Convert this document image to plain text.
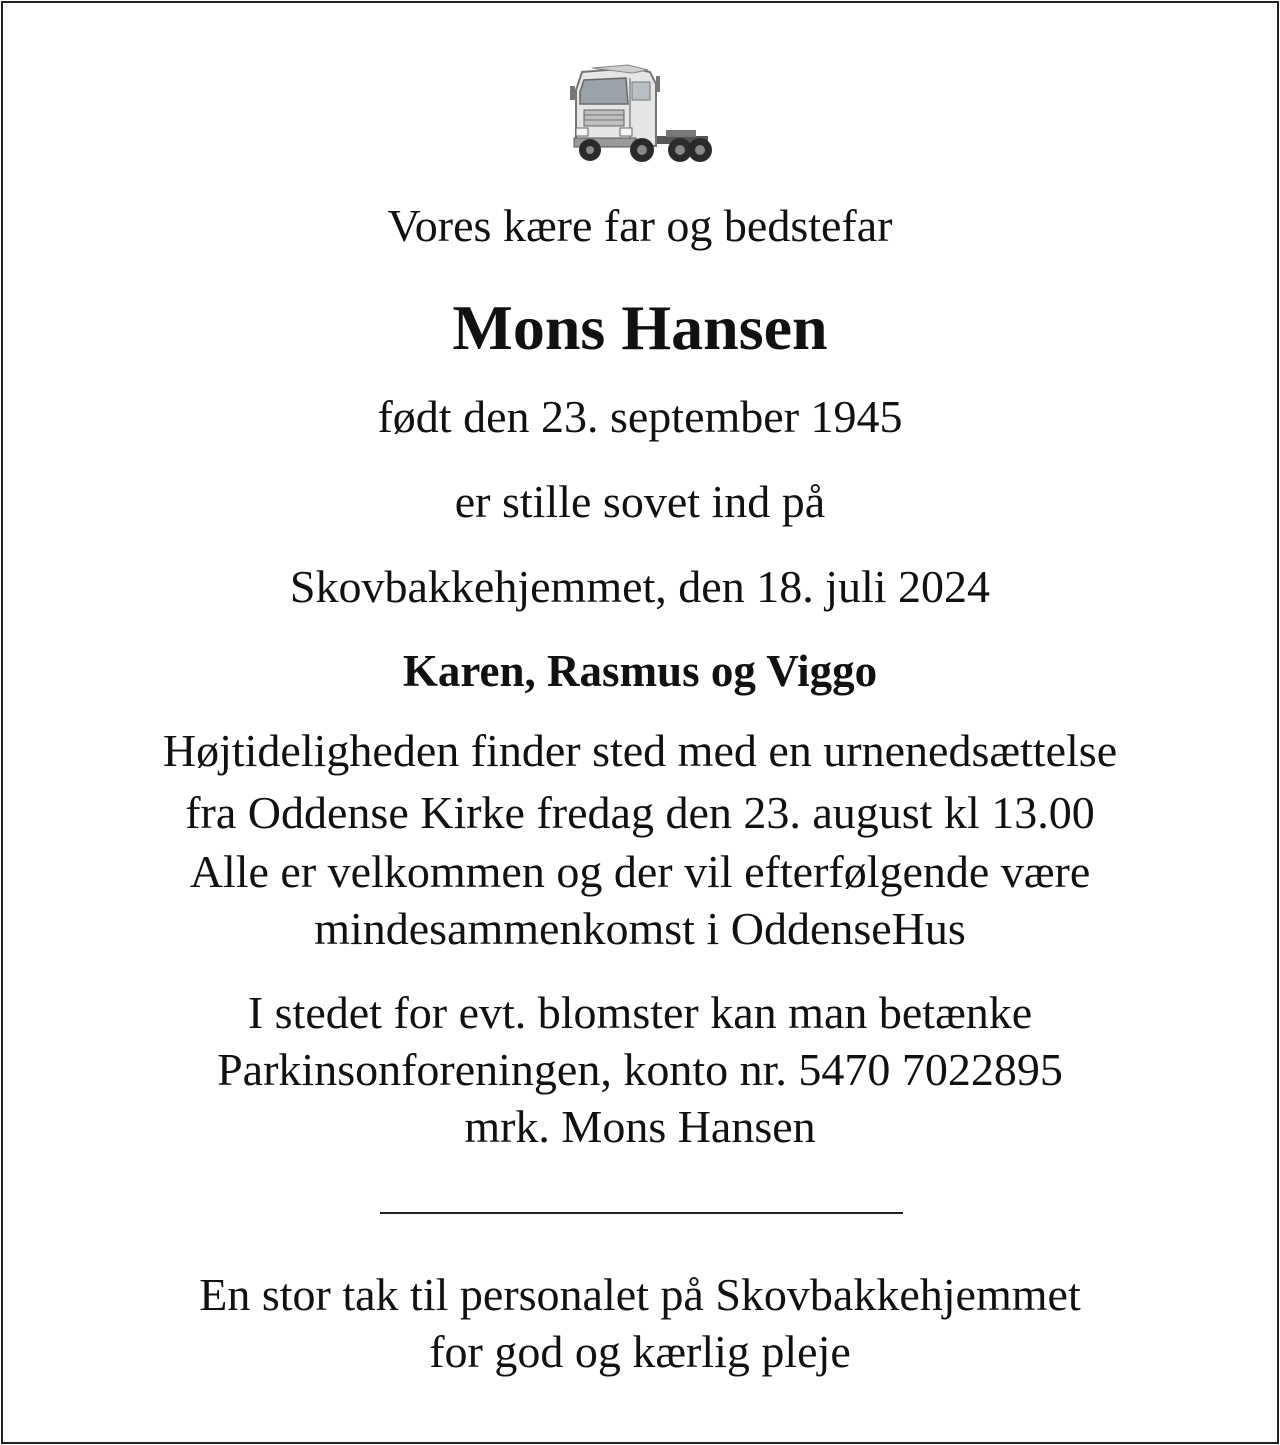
Vores kære far og bedstefar
Mons Hansen
født den 23. september 1945
er stille sovet ind på
Skovbakkehjemmet, den 18. juli 2024
Karen, Rasmus og Viggo
Højtideligheden finder sted med en urnenedsættelse
fra Oddense Kirke fredag den 23. august kl 13.00
Alle er velkommen og der vil efterfølgende være
mindesammenkomst i OddenseHus
I stedet for evt. blomster kan man betænke
Parkinsonforeningen, konto nr. 5470 7022895
mrk. Mons Hansen
En stor tak til personalet på Skovbakkehjemmet
for god og kærlig pleje
